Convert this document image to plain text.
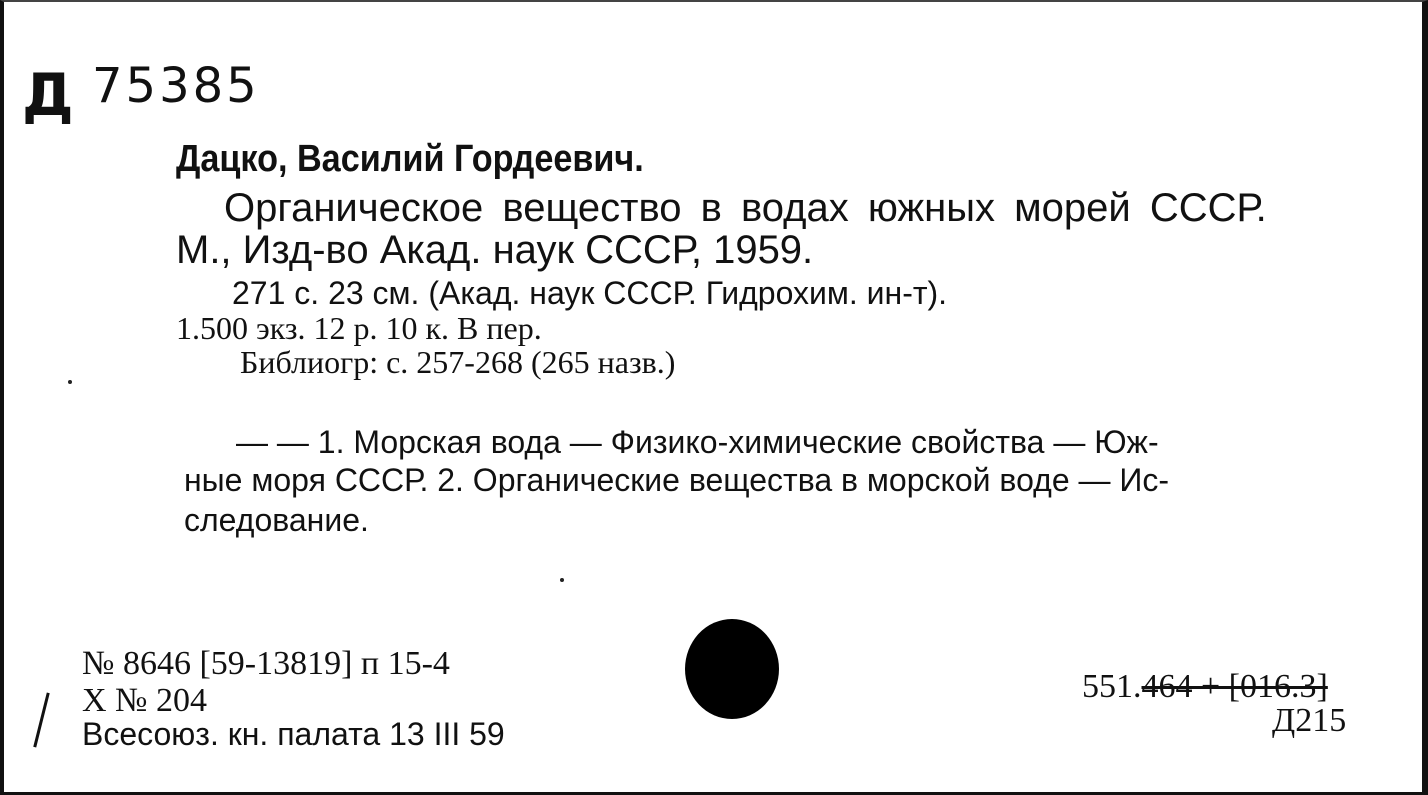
Д 75385
Дацко, Василий Гордеевич.
Органическое вещество в водах южных морей СССР.
М., Изд-во Акад. наук СССР, 1959.
271 с. 23 см. (Акад. наук СССР. Гидрохим. ин-т).
1.500 экз. 12 р. 10 к. В пер.
Библиогр: с. 257-268 (265 назв.)
— — 1. Морская вода — Физико-химические свойства — Юж-
ные моря СССР. 2. Органические вещества в морской воде — Ис-
следование.
№ 8646 [59-13819] п 15-4
X № 204
Всесоюз. кн. палата 13 III 59
551.464 + [016.3]
Д215
